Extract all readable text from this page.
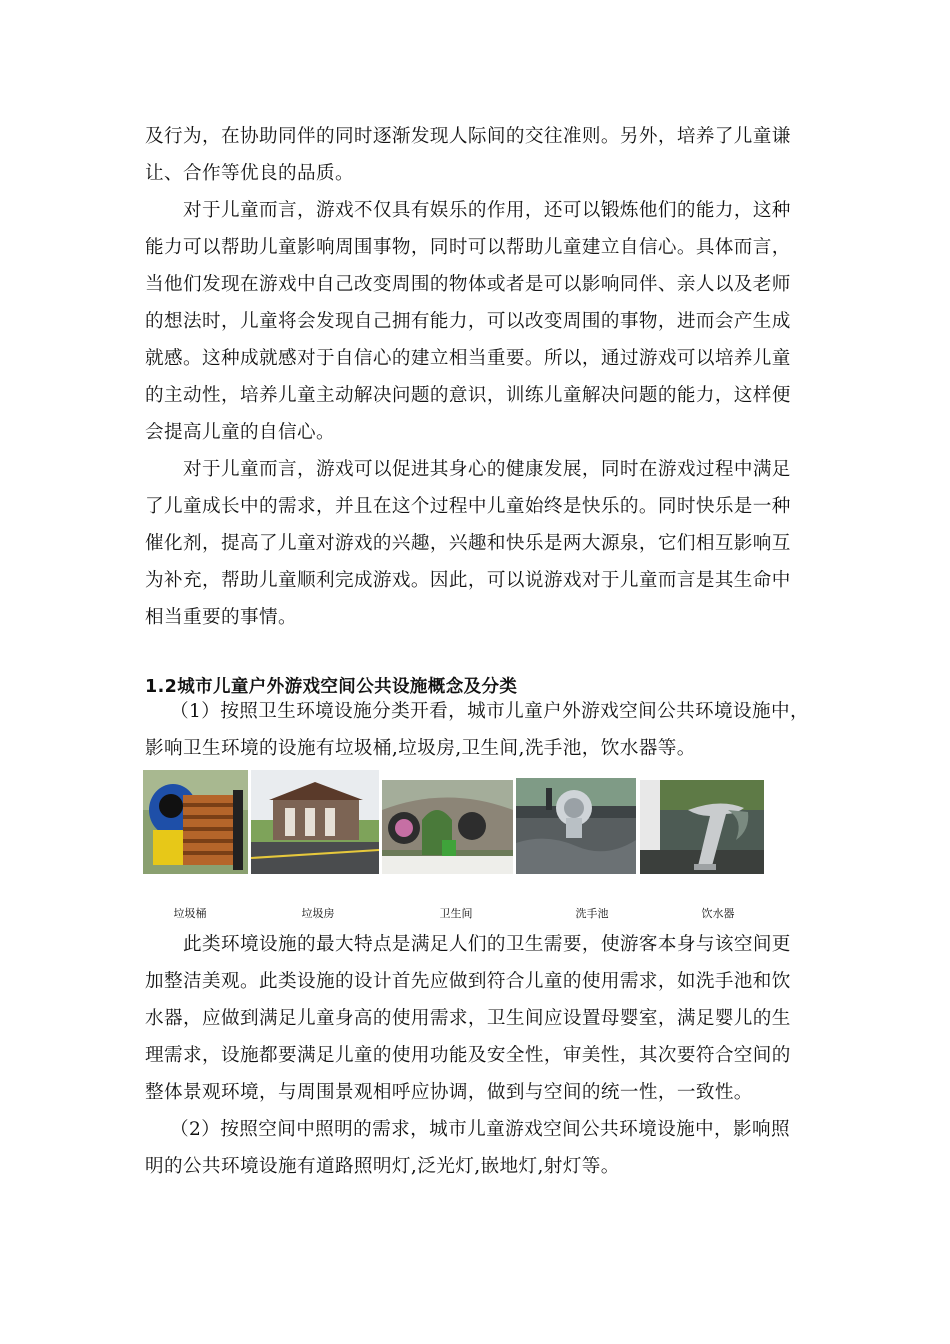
及行为，在协助同伴的同时逐渐发现人际间的交往准则。另外，培养了儿童谦
让、合作等优良的品质。
对于儿童而言，游戏不仅具有娱乐的作用，还可以锻炼他们的能力，这种
能力可以帮助儿童影响周围事物，同时可以帮助儿童建立自信心。具体而言，
当他们发现在游戏中自己改变周围的物体或者是可以影响同伴、亲人以及老师
的想法时，儿童将会发现自己拥有能力，可以改变周围的事物，进而会产生成
就感。这种成就感对于自信心的建立相当重要。所以，通过游戏可以培养儿童
的主动性，培养儿童主动解决问题的意识，训练儿童解决问题的能力，这样便
会提高儿童的自信心。
对于儿童而言，游戏可以促进其身心的健康发展，同时在游戏过程中满足
了儿童成长中的需求，并且在这个过程中儿童始终是快乐的。同时快乐是一种
催化剂，提高了儿童对游戏的兴趣，兴趣和快乐是两大源泉，它们相互影响互
为补充，帮助儿童顺利完成游戏。因此，可以说游戏对于儿童而言是其生命中
相当重要的事情。
1.2城市儿童户外游戏空间公共设施概念及分类
（1）按照卫生环境设施分类开看，城市儿童户外游戏空间公共环境设施中，
影响卫生环境的设施有垃圾桶,垃圾房,卫生间,洗手池，饮水器等。
垃圾桶	垃圾房	卫生间	洗手池	饮水器
此类环境设施的最大特点是满足人们的卫生需要，使游客本身与该空间更
加整洁美观。此类设施的设计首先应做到符合儿童的使用需求，如洗手池和饮
水器，应做到满足儿童身高的使用需求，卫生间应设置母婴室，满足婴儿的生
理需求，设施都要满足儿童的使用功能及安全性，审美性，其次要符合空间的
整体景观环境，与周围景观相呼应协调，做到与空间的统一性，一致性。
（2）按照空间中照明的需求，城市儿童游戏空间公共环境设施中，影响照
明的公共环境设施有道路照明灯,泛光灯,嵌地灯,射灯等。
